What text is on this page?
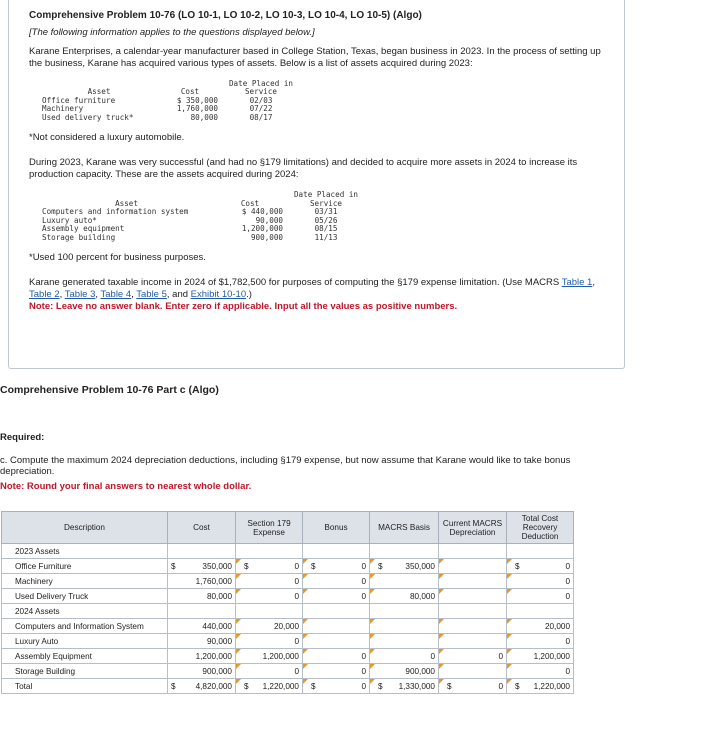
Comprehensive Problem 10-76 (LO 10-1, LO 10-2, LO 10-3, LO 10-4, LO 10-5) (Algo)

[The following information applies to the questions displayed below.]

Karane Enterprises, a calendar-year manufacturer based in College Station, Texas, began business in 2023. In the process of setting up the business, Karane has acquired various types of assets. Below is a list of assets acquired during 2023:

		Date Placed in
Asset	Cost	Service
Office furniture	$ 350,000	02/03
Machinery	1,760,000	07/22
Used delivery truck*	80,000	08/17

*Not considered a luxury automobile.

During 2023, Karane was very successful (and had no §179 limitations) and decided to acquire more assets in 2024 to increase its production capacity. These are the assets acquired during 2024:

		Date Placed in
Asset	Cost	Service
Computers and information system	$ 440,000	03/31
Luxury auto*	90,000	05/26
Assembly equipment	1,200,000	08/15
Storage building	900,000	11/13

*Used 100 percent for business purposes.

Karane generated taxable income in 2024 of $1,782,500 for purposes of computing the §179 expense limitation. (Use MACRS Table 1, Table 2, Table 3, Table 4, Table 5, and Exhibit 10-10.)

Note: Leave no answer blank. Enter zero if applicable. Input all the values as positive numbers.

Comprehensive Problem 10-76 Part c (Algo)

Required:

c. Compute the maximum 2024 depreciation deductions, including §179 expense, but now assume that Karane would like to take bonus depreciation.

Note: Round your final answers to nearest whole dollar.

Description	Cost	Section 179 Expense	Bonus	MACRS Basis	Current MACRS Depreciation	Total Cost Recovery Deduction
2023 Assets						
Office Furniture	$ 350,000	$ 0	$ 0	$ 350,000		$ 0

Machinery	1,760,000	0	0			0
Used Delivery Truck	80,000	0	0	80,000		0
2024 Assets						
Computers and Information System	440,000	20,000				20,000
Luxury Auto	90,000	0				0
Assembly Equipment	1,200,000	1,200,000	0	0	0	1,200,000
Storage Building	900,000	0	0	900,000		0
Total	$ 4,820,000	$ 1,220,000	$ 0	$ 1,330,000	$ 0	$ 1,220,000
